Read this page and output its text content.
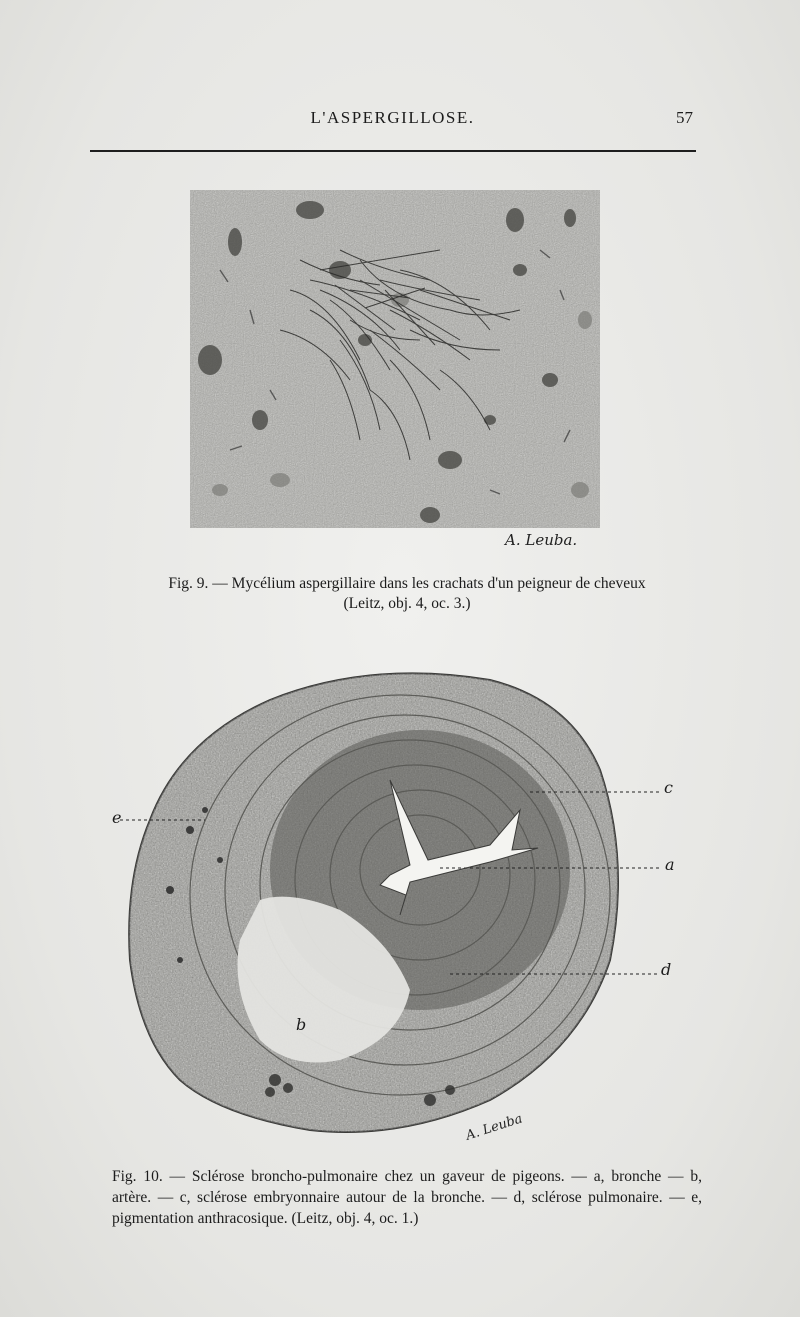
L'ASPERGILLOSE.	57
A. Leuba.
Fig. 9. — Mycélium aspergillaire dans les crachats d'un peigneur de cheveux
(Leitz, obj. 4, oc. 3.)
c
a
d
e
b
A. Leuba
Fig. 10. — Sclérose broncho-pulmonaire chez un gaveur de pigeons. — a, bronche — b, artère. — c, sclérose embryonnaire autour de la bronche. — d, sclérose pulmonaire. — e, pigmentation anthracosique. (Leitz, obj. 4, oc. 1.)
